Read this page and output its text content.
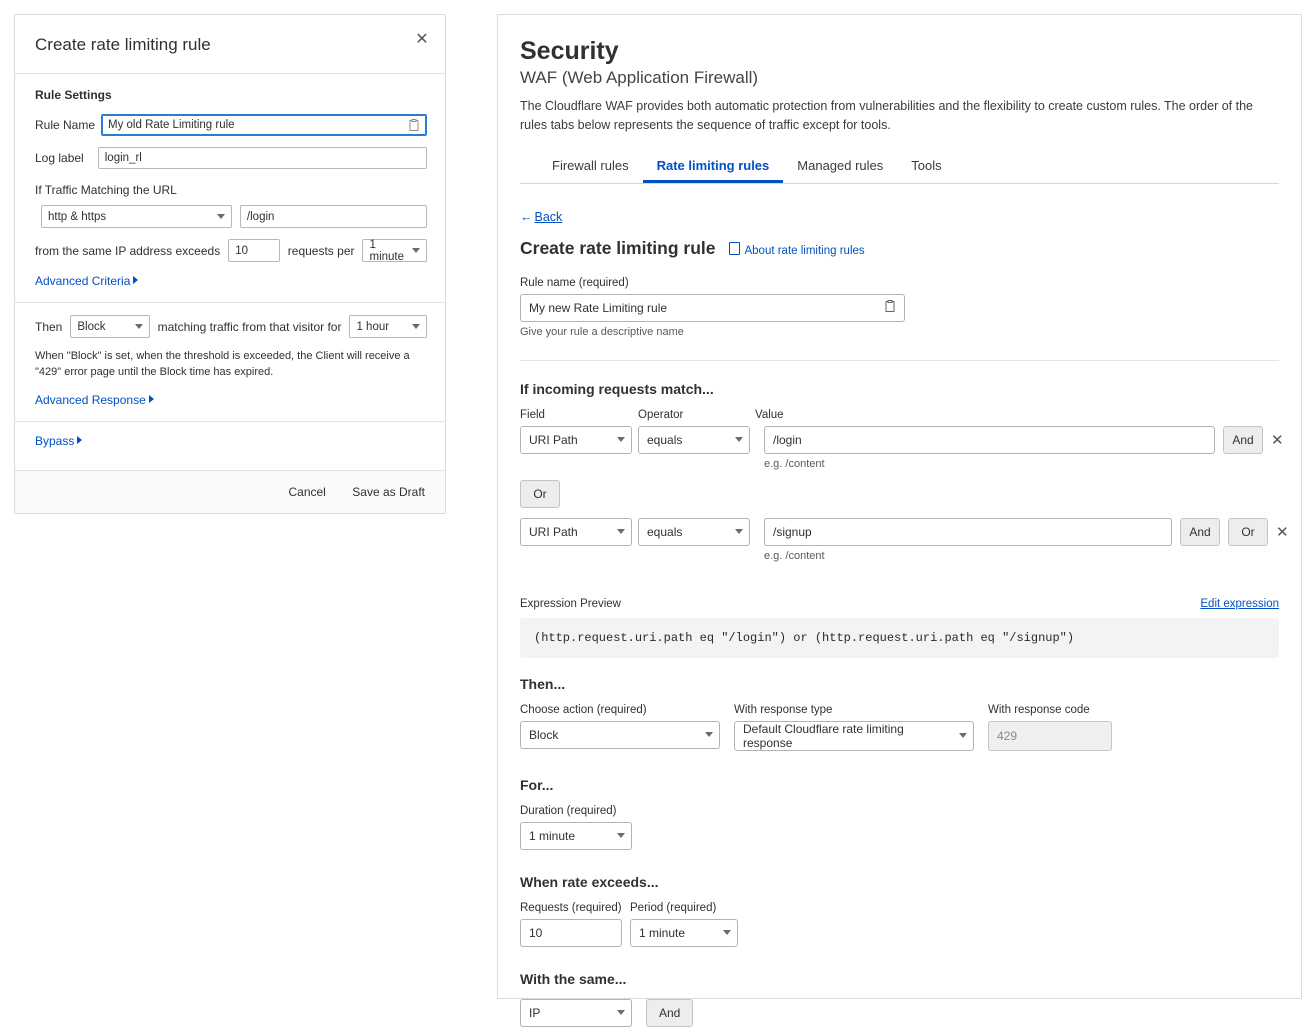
Create rate limiting rule	✕
Rule Settings
Rule Name My old Rate Limiting rule
Log label	login_rl
If Traffic Matching the URL
http & https	/login
from the same IP address exceeds 10	requests per 1 minute
Advanced Criteria
Then Block	matching traffic from that visitor for 1 hour
When "Block" is set, when the threshold is exceeded, the Client will receive a "429" error page until the Block time has expired.
Advanced Response
Bypass
Cancel Save as Draft
Security
WAF (Web Application Firewall)
The Cloudflare WAF provides both automatic protection from vulnerabilities and the flexibility to create custom rules. The order of the rules tabs below represents the sequence of traffic except for tools.
Firewall rules	Rate limiting rules	Managed rules	Tools
← Back
Create rate limiting rule	About rate limiting rules
Rule name (required)
My new Rate Limiting rule
Give your rule a descriptive name
If incoming requests match...
Field	Operator	Value
URI Path	equals	/login
e.g. /content
And	✕
Or
URI Path	equals	/signup
e.g. /content
And	Or	✕
Expression Preview	Edit expression
(http.request.uri.path eq "/login") or (http.request.uri.path eq "/signup")
Then...
Choose action (required)
Block
With response type
Default Cloudflare rate limiting response
With response code
429
For...
Duration (required)
1 minute
When rate exceeds...
Requests (required)
10
Period (required)
1 minute
With the same...
IP	And
